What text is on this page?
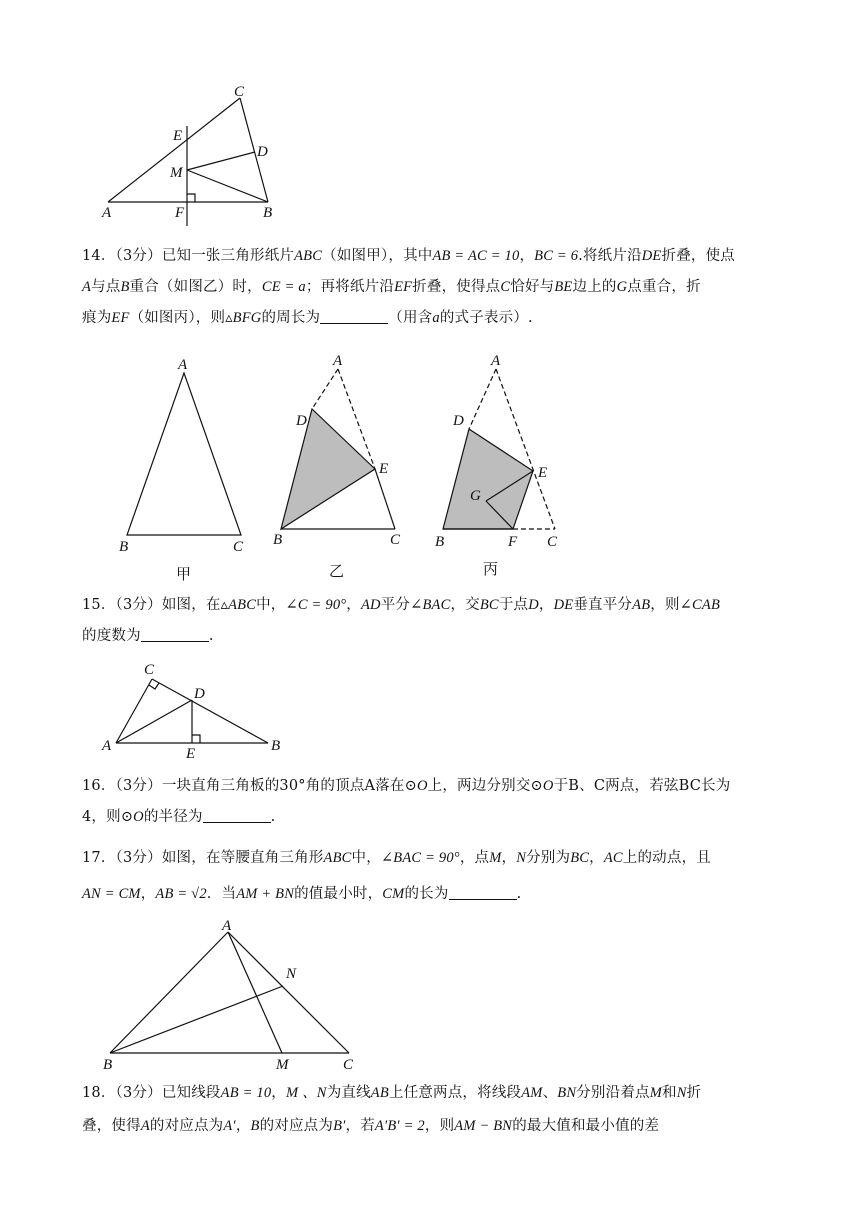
C
E
D
M
A	F	B

14．（3分）已知一张三角形纸片ABC（如图甲），其中AB = AC = 10，BC = 6.将纸片沿DE折叠，使点

A与点B重合（如图乙）时，CE = a；再将纸片沿EF折叠，使得点C恰好与BE边上的G点重合，折

痕为EF（如图丙），则▵BFG的周长为	（用含a的式子表示）.

A
B	C
甲
A
D
E
B	C
乙
A
D
E
G
B	F C
丙

15．（3分）如图，在▵ABC中，∠C = 90°，AD平分∠BAC，交BC于点D，DE垂直平分AB，则∠CAB

的度数为	.

C
D
A	E	B

16．（3分）一块直角三角板的30°角的顶点A落在⊙O上，两边分别交⊙O于B、C两点，若弦BC长为

4，则⊙O的半径为	.

17．（3分）如图，在等腰直角三角形ABC中，∠BAC = 90°，点M，N分别为BC，AC上的动点，且

AN = CM，AB = √2．当AM + BN的值最小时，CM的长为	.

A
N
B	M	C

18．（3分）已知线段AB = 10，M 、N为直线AB上任意两点，将线段AM、BN分别沿着点M和N折

叠，使得A的对应点为A′，B的对应点为B′，若A′B′ = 2，则AM − BN的最大值和最小值的差
